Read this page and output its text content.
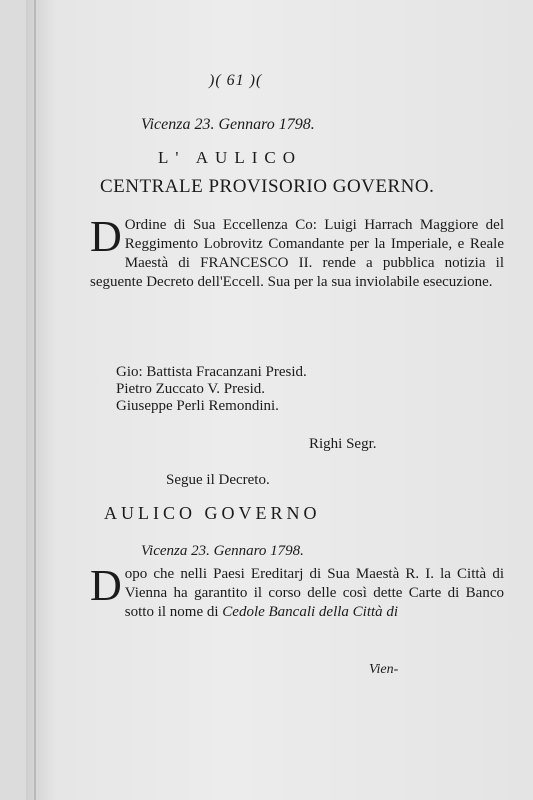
)( 61 )(
Vicenza 23. Gennaro 1798.
L' AULICO
CENTRALE PROVISORIO GOVERNO.
D Ordine di Sua Eccellenza Co: Luigi Harrach Maggiore del Reggimento Lobrovitz Comandante per la Imperiale, e Reale Maestà di FRANCESCO II. rende a pubblica notizia il seguente Decreto dell'Eccell. Sua per la sua inviolabile esecuzione.
Gio: Battista Fracanzani Presid.
Pietro Zuccato V. Presid.
Giuseppe Perli Remondini.
Righi Segr.
Segue il Decreto.
AULICO GOVERNO
Vicenza 23. Gennaro 1798.
Dopo che nelli Paesi Ereditarj di Sua Maestà R. I. la Città di Vienna ha garantito il corso delle così dette Carte di Banco sotto il nome di Cedole Bancali della Città di
Vien-
